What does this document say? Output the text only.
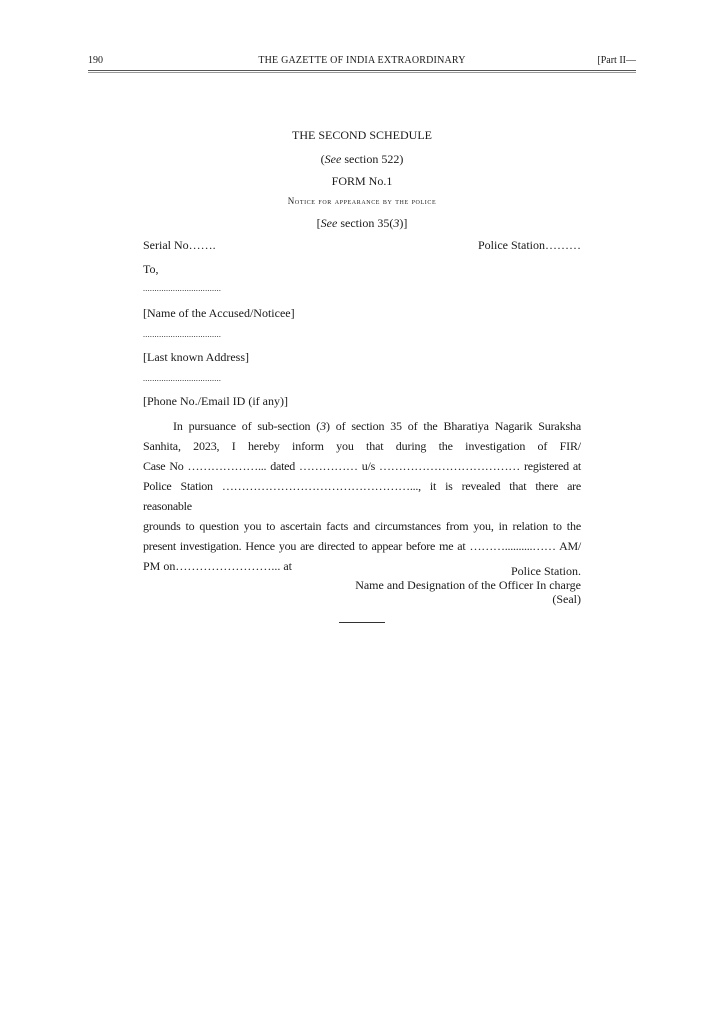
190	THE GAZETTE OF INDIA EXTRAORDINARY	[Part II—
THE SECOND SCHEDULE
(See section 522)
FORM No.1
Notice for appearance by the police
[See section 35(3)]
Serial No…….	Police Station………
To,
..................................
[Name of the Accused/Noticee]
..................................
[Last known Address]
..................................
[Phone No./Email ID (if any)]

In pursuance of sub-section (3) of section 35 of the Bharatiya Nagarik Suraksha

Sanhita, 2023, I hereby inform you that during the investigation of FIR/

Case No ………………... dated …………… u/s ……………………………… registered at

Police Station …………………………………………..., it is revealed that there are reasonable

grounds to question you to ascertain facts and circumstances from you, in relation to the

present investigation. Hence you are directed to appear before me at ………..........…… AM/

PM on……………………... at	Police Station.
Name and Designation of the Officer In charge
(Seal)
